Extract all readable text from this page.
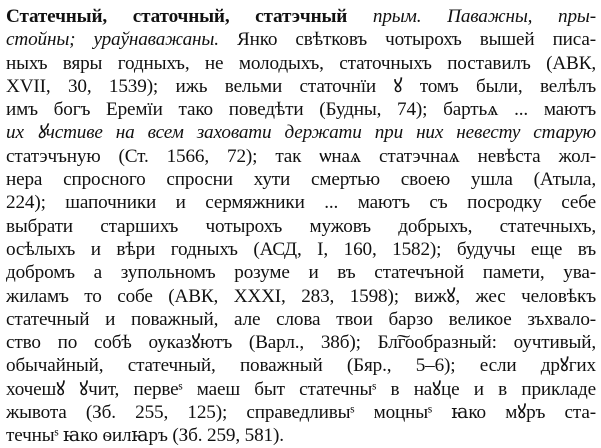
Статечный, статочный, статэчный прым. Паважны, пры-
стойны; ураўнаважаны. Янко свѣтковъ чотырохъ вышей писа-
ныхъ вяры годныхъ, не молодыхъ, статочныхъ поставилъ (АВК,
XVII, 30, 1539); ижь вельми статочнїи ꙋ томъ были, велѣлъ
имъ богъ Еремїи тако поведѣти (Будны, 74); бартьѧ ... маютъ
их ꙋчстиве на всем заховати держати при них невесту старую
статэчъную (Ст. 1566, 72); так ѡнаѧ статэчнаѧ невѣста жол-
нера спросного спросни хути смертью своею ушла (Атыла,
224); шапочники и сермяжники ... маютъ съ посродку себе
выбрати старшихъ чотырохъ мужовъ добрыхъ, статечныхъ,
осѣлыхъ и вѣри годныхъ (АСД, I, 160, 1582); будучы еще въ
добромъ а зупольномъ розуме и въ статечъной памети, ува-
жиламъ то собе (АВК, XXXI, 283, 1598); вижꙋ, жес человѣкъ
статечный и поважный, але слова твои барзо великое зъхвало-
ство по собѣ оуказꙋютъ (Варл., 38б); Бл͠гообразный: оучтивый,
обычайный, статечный, поважный (Бяр., 5–6); если дрꙋгих
хочешꙋ ꙋчит, первеˢ маеш быт статечныˢ в наꙋце и в прикладе
жывота (Зб. 255, 125); справедливыˢ моцныˢ ꙗко мꙋръ ста-
течныˢ ꙗко ѳилꙗръ (Зб. 259, 581).
